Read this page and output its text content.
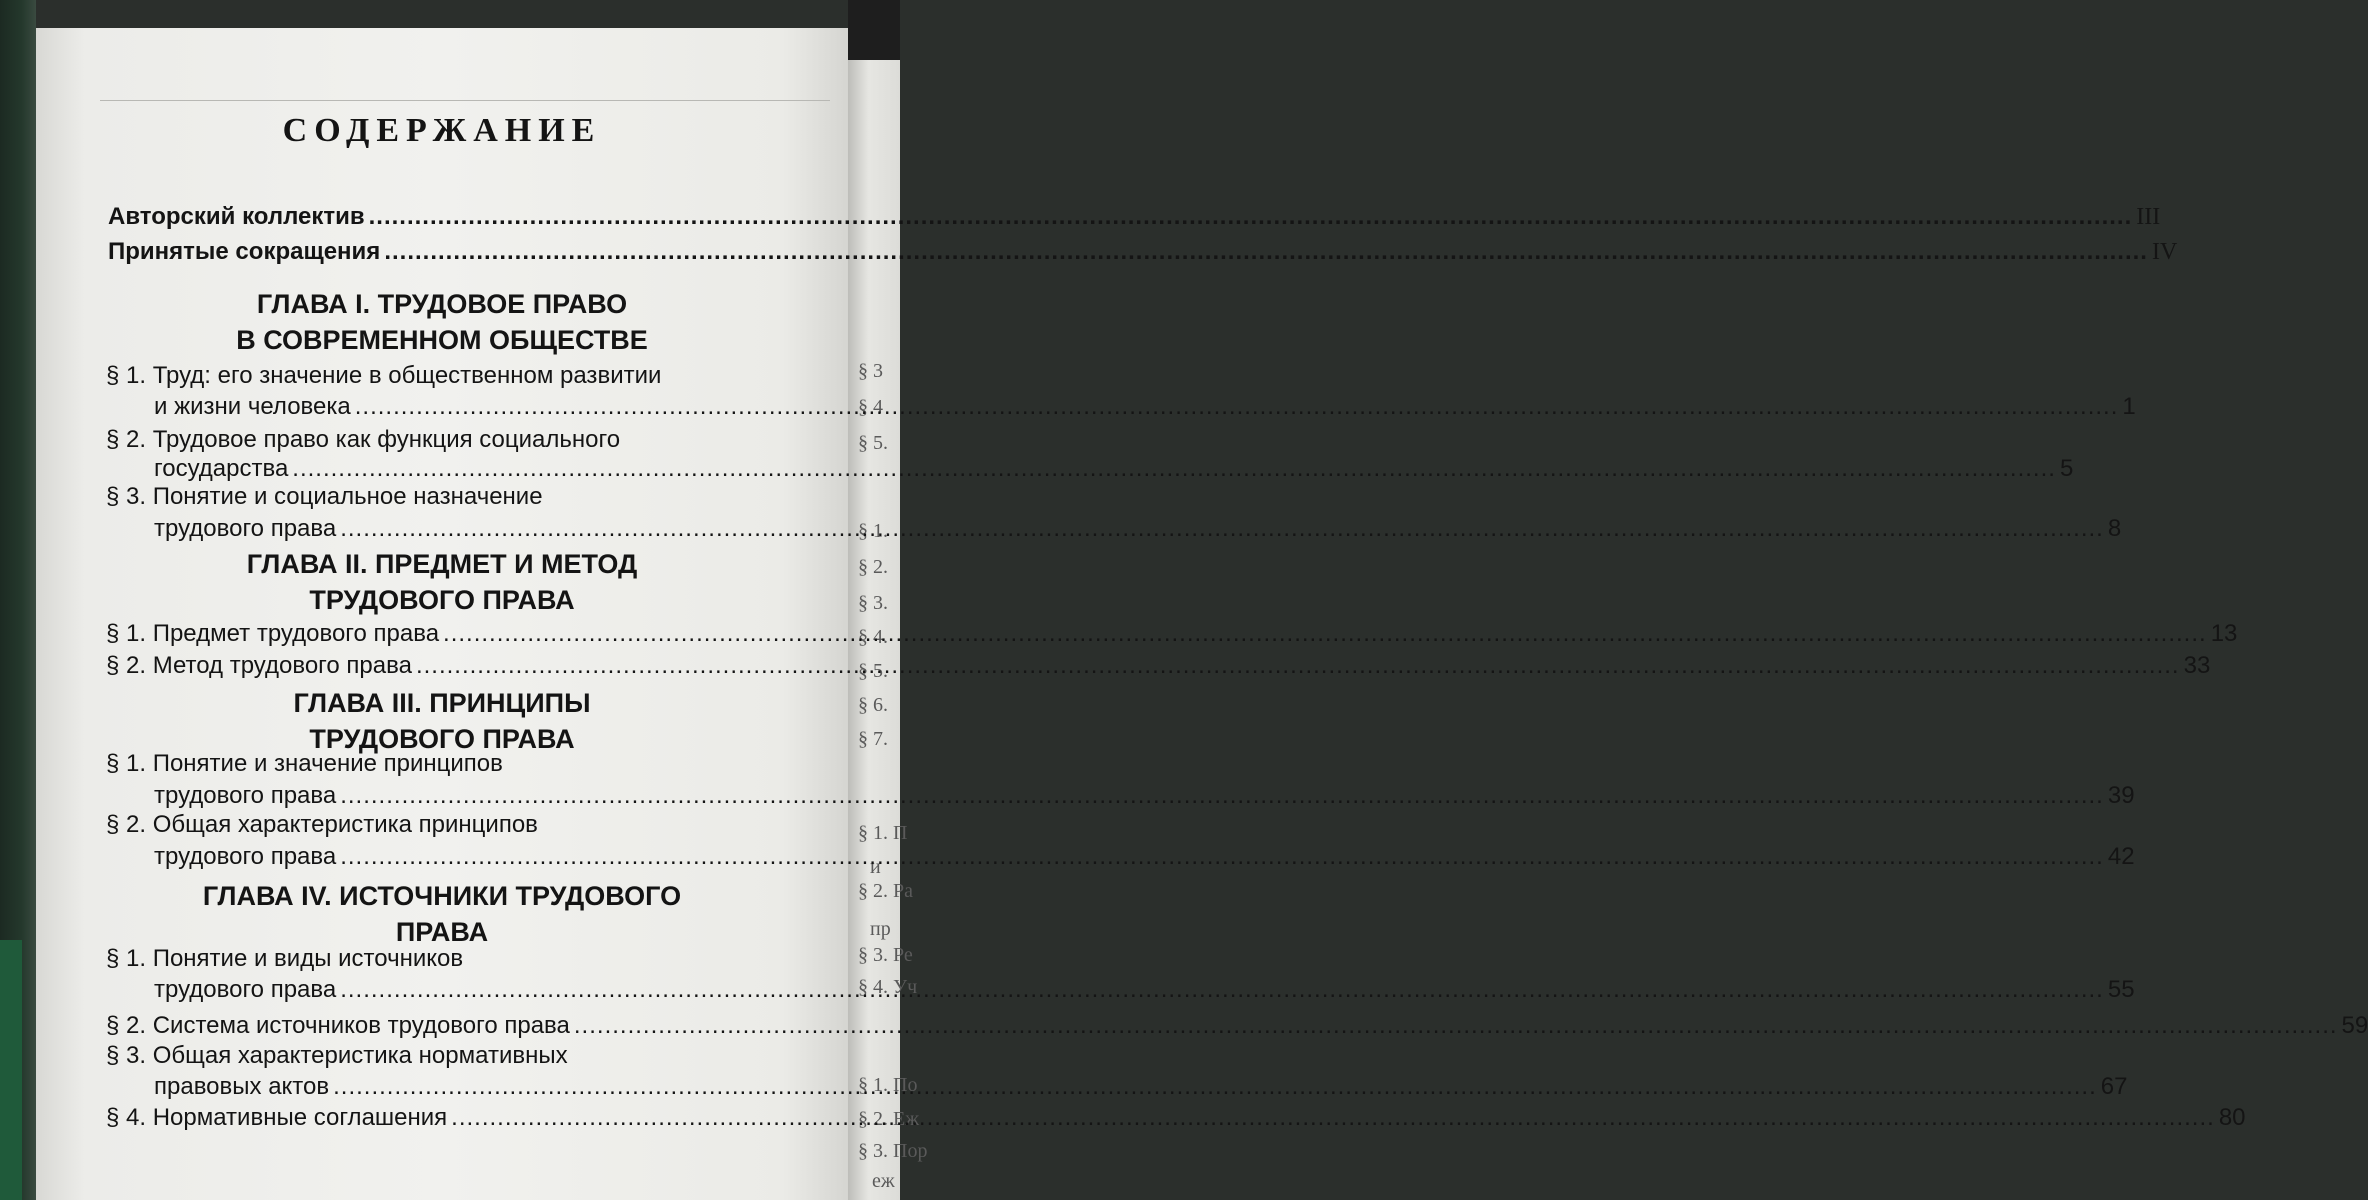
§ 3
§ 4
§ 5.
§ 1.
§ 2.
§ 3.
§ 4.
§ 5.
§ 6.
§ 7.
§ 1. П
и
§ 2. Ра
пр
§ 3. Ре
§ 4. Уч
§ 1. По
§ 2. Еж
§ 3. Пор
еж
СОДЕРЖАНИЕ
Авторский коллектив .....	III
Принятые сокращения .....	IV
ГЛАВА I. ТРУДОВОЕ ПРАВО
В СОВРЕМЕННОМ ОБЩЕСТВЕ
§ 1. Труд: его значение в общественном развитии
и жизни человека .....	1
§ 2. Трудовое право как функция социального
государства .....	5
§ 3. Понятие и социальное назначение
трудового права .....	8
ГЛАВА II. ПРЕДМЕТ И МЕТОД
ТРУДОВОГО ПРАВА
§ 1. Предмет трудового права .....	13
§ 2. Метод трудового права .....	33
ГЛАВА III. ПРИНЦИПЫ
ТРУДОВОГО ПРАВА
§ 1. Понятие и значение принципов
трудового права .....	39
§ 2. Общая характеристика принципов
трудового права .....	42
ГЛАВА IV. ИСТОЧНИКИ ТРУДОВОГО
ПРАВА
§ 1. Понятие и виды источников
трудового права .....	55
§ 2. Система источников трудового права .....	59
§ 3. Общая характеристика нормативных
правовых актов .....	67
§ 4. Нормативные соглашения .....	80
